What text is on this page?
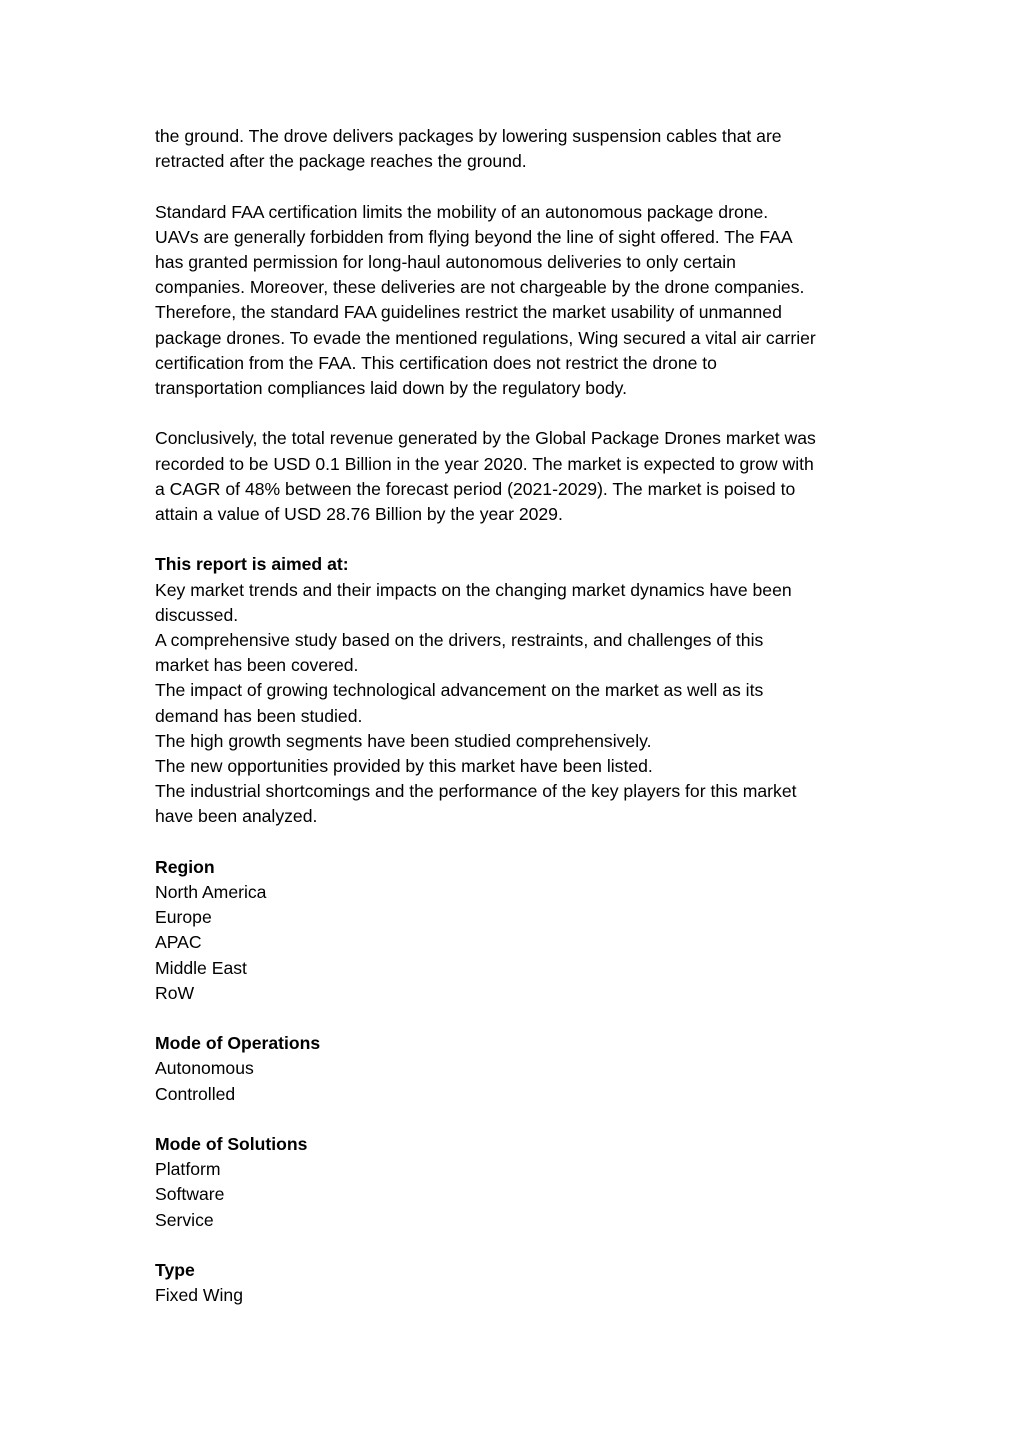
the ground. The drove delivers packages by lowering suspension cables that are
retracted after the package reaches the ground.
Standard FAA certification limits the mobility of an autonomous package drone.
UAVs are generally forbidden from flying beyond the line of sight offered. The FAA
has granted permission for long-haul autonomous deliveries to only certain
companies. Moreover, these deliveries are not chargeable by the drone companies.
Therefore, the standard FAA guidelines restrict the market usability of unmanned
package drones. To evade the mentioned regulations, Wing secured a vital air carrier
certification from the FAA. This certification does not restrict the drone to
transportation compliances laid down by the regulatory body.
Conclusively, the total revenue generated by the Global Package Drones market was
recorded to be USD 0.1 Billion in the year 2020. The market is expected to grow with
a CAGR of 48% between the forecast period (2021-2029). The market is poised to
attain a value of USD 28.76 Billion by the year 2029.
This report is aimed at:
Key market trends and their impacts on the changing market dynamics have been
discussed.
A comprehensive study based on the drivers, restraints, and challenges of this
market has been covered.
The impact of growing technological advancement on the market as well as its
demand has been studied.
The high growth segments have been studied comprehensively.
The new opportunities provided by this market have been listed.
The industrial shortcomings and the performance of the key players for this market
have been analyzed.
Region
North America
Europe
APAC
Middle East
RoW
Mode of Operations
Autonomous
Controlled
Mode of Solutions
Platform
Software
Service
Type
Fixed Wing
